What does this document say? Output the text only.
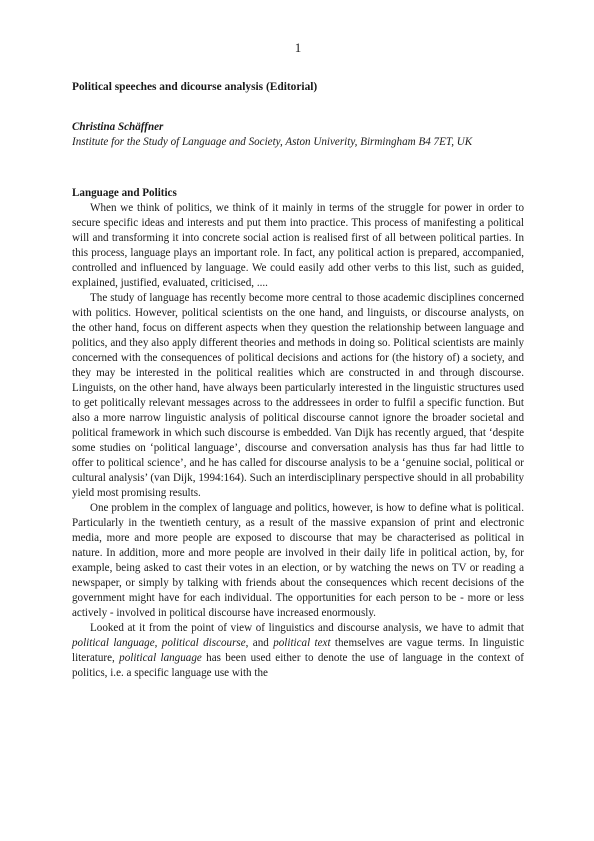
1
Political speeches and dicourse analysis (Editorial)
Christina Schäffner
Institute for the Study of Language and Society, Aston Univerity, Birmingham B4 7ET, UK
Language and Politics

When we think of politics, we think of it mainly in terms of the struggle for power in order to secure specific ideas and interests and put them into practice. This process of manifesting a political will and transforming it into concrete social action is realised first of all between political parties. In this process, language plays an important role. In fact, any political action is prepared, accompanied, controlled and influenced by language. We could easily add other verbs to this list, such as guided, explained, justified, evaluated, criticised, ....

The study of language has recently become more central to those academic disciplines concerned with politics. However, political scientists on the one hand, and linguists, or discourse analysts, on the other hand, focus on different aspects when they question the relationship between language and politics, and they also apply different theories and methods in doing so. Political scientists are mainly concerned with the consequences of political decisions and actions for (the history of) a society, and they may be interested in the political realities which are constructed in and through discourse. Linguists, on the other hand, have always been particularly interested in the linguistic structures used to get politically relevant messages across to the addressees in order to fulfil a specific function. But also a more narrow linguistic analysis of political discourse cannot ignore the broader societal and political framework in which such discourse is embedded. Van Dijk has recently argued, that ‘despite some studies on ‘political language’, discourse and conversation analysis has thus far had little to offer to political science’, and he has called for discourse analysis to be a ‘genuine social, political or cultural analysis’ (van Dijk, 1994:164). Such an interdisciplinary perspective should in all probability yield most promising results.

One problem in the complex of language and politics, however, is how to define what is political. Particularly in the twentieth century, as a result of the massive expansion of print and electronic media, more and more people are exposed to discourse that may be characterised as political in nature. In addition, more and more people are involved in their daily life in political action, by, for example, being asked to cast their votes in an election, or by watching the news on TV or reading a newspaper, or simply by talking with friends about the consequences which recent decisions of the government might have for each individual. The opportunities for each person to be - more or less actively - involved in political discourse have increased enormously.

Looked at it from the point of view of linguistics and discourse analysis, we have to admit that political language, political discourse, and political text themselves are vague terms. In linguistic literature, political language has been used either to denote the use of language in the context of politics, i.e. a specific language use with the
